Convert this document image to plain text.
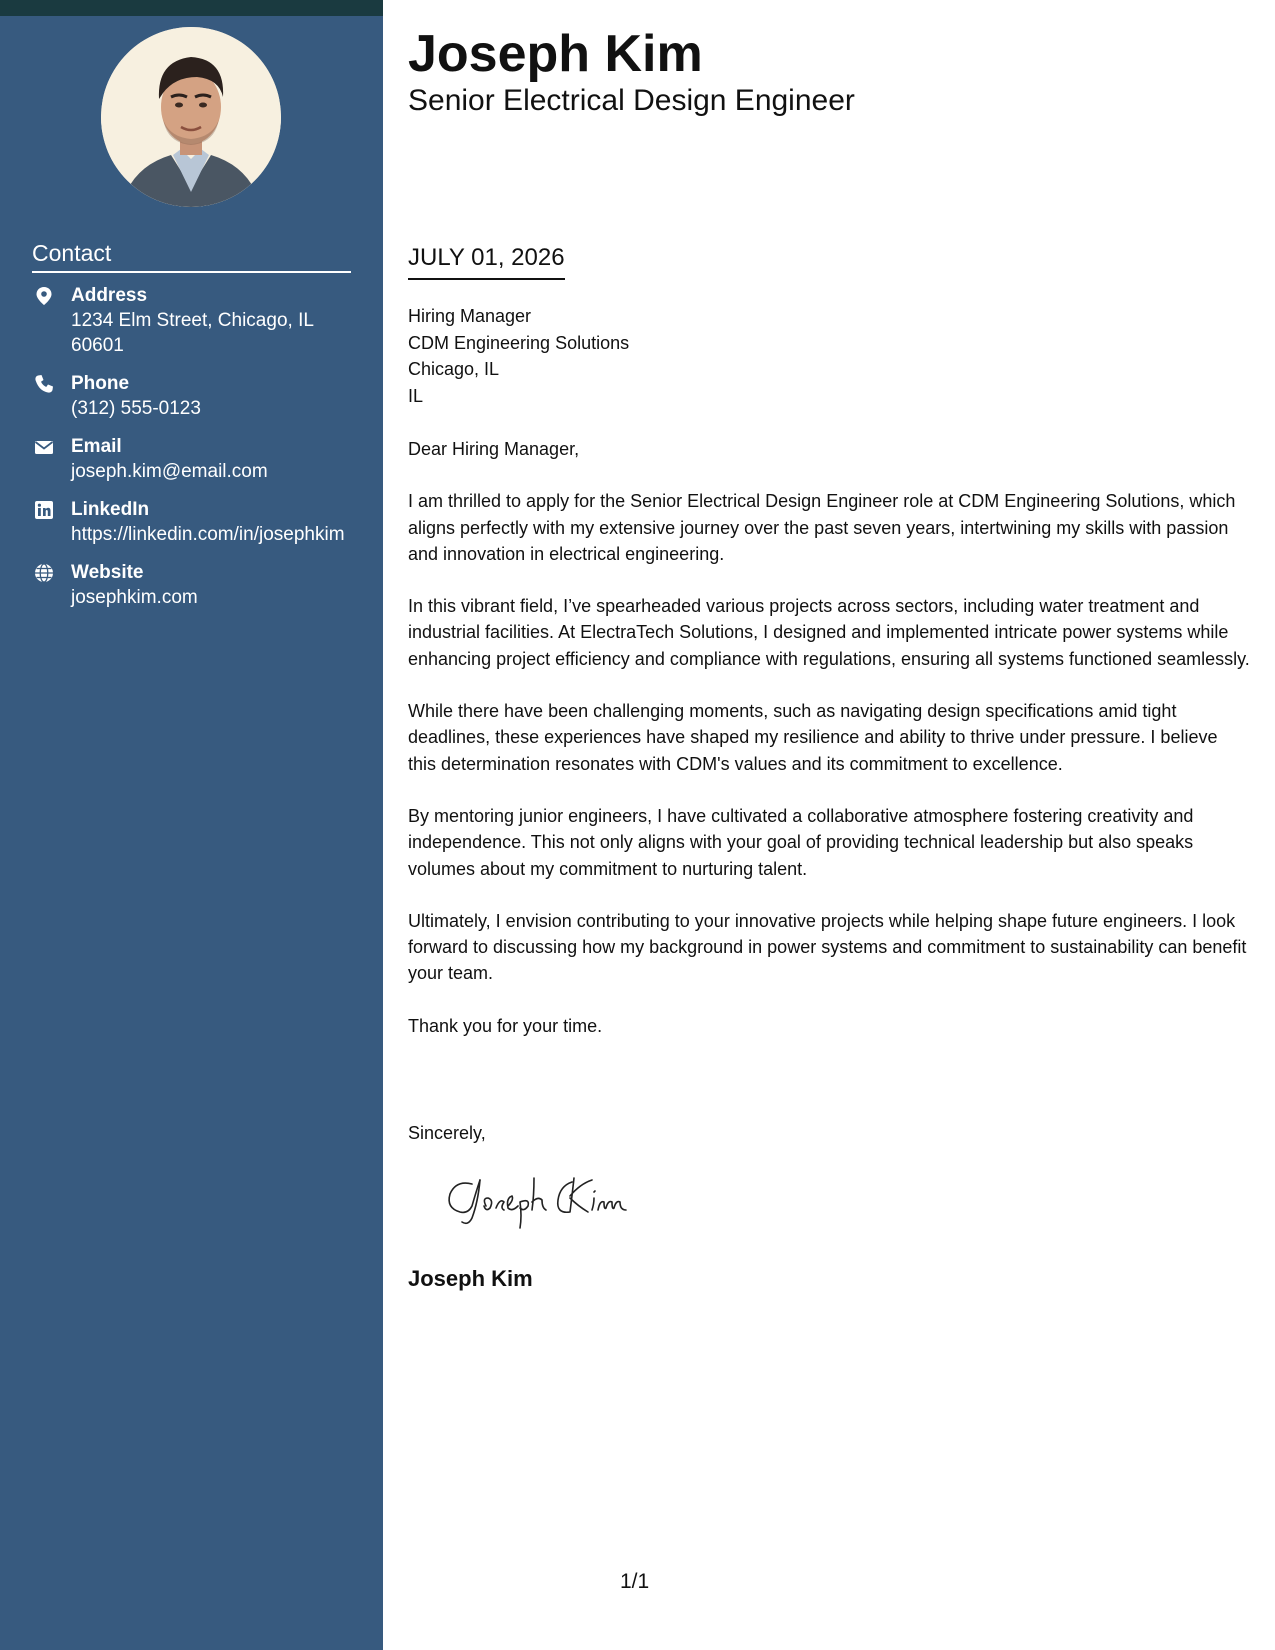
Contact
Address
1234 Elm Street, Chicago, IL 60601
Phone
(312) 555-0123
Email
joseph.kim@email.com
LinkedIn
https://linkedin.com/in/josephkim
Website
josephkim.com
Joseph Kim
Senior Electrical Design Engineer
JULY 01, 2026
Hiring Manager
CDM Engineering Solutions
Chicago, IL
IL

Dear Hiring Manager,

I am thrilled to apply for the Senior Electrical Design Engineer role at CDM Engineering Solutions, which aligns perfectly with my extensive journey over the past seven years, intertwining my skills with passion and innovation in electrical engineering.

In this vibrant field, I’ve spearheaded various projects across sectors, including water treatment and industrial facilities. At ElectraTech Solutions, I designed and implemented intricate power systems while enhancing project efficiency and compliance with regulations, ensuring all systems functioned seamlessly.

While there have been challenging moments, such as navigating design specifications amid tight deadlines, these experiences have shaped my resilience and ability to thrive under pressure. I believe this determination resonates with CDM's values and its commitment to excellence.

By mentoring junior engineers, I have cultivated a collaborative atmosphere fostering creativity and independence. This not only aligns with your goal of providing technical leadership but also speaks volumes about my commitment to nurturing talent.

Ultimately, I envision contributing to your innovative projects while helping shape future engineers. I look forward to discussing how my background in power systems and commitment to sustainability can benefit your team.

Thank you for your time.

Sincerely,
Joseph Kim
1/1
